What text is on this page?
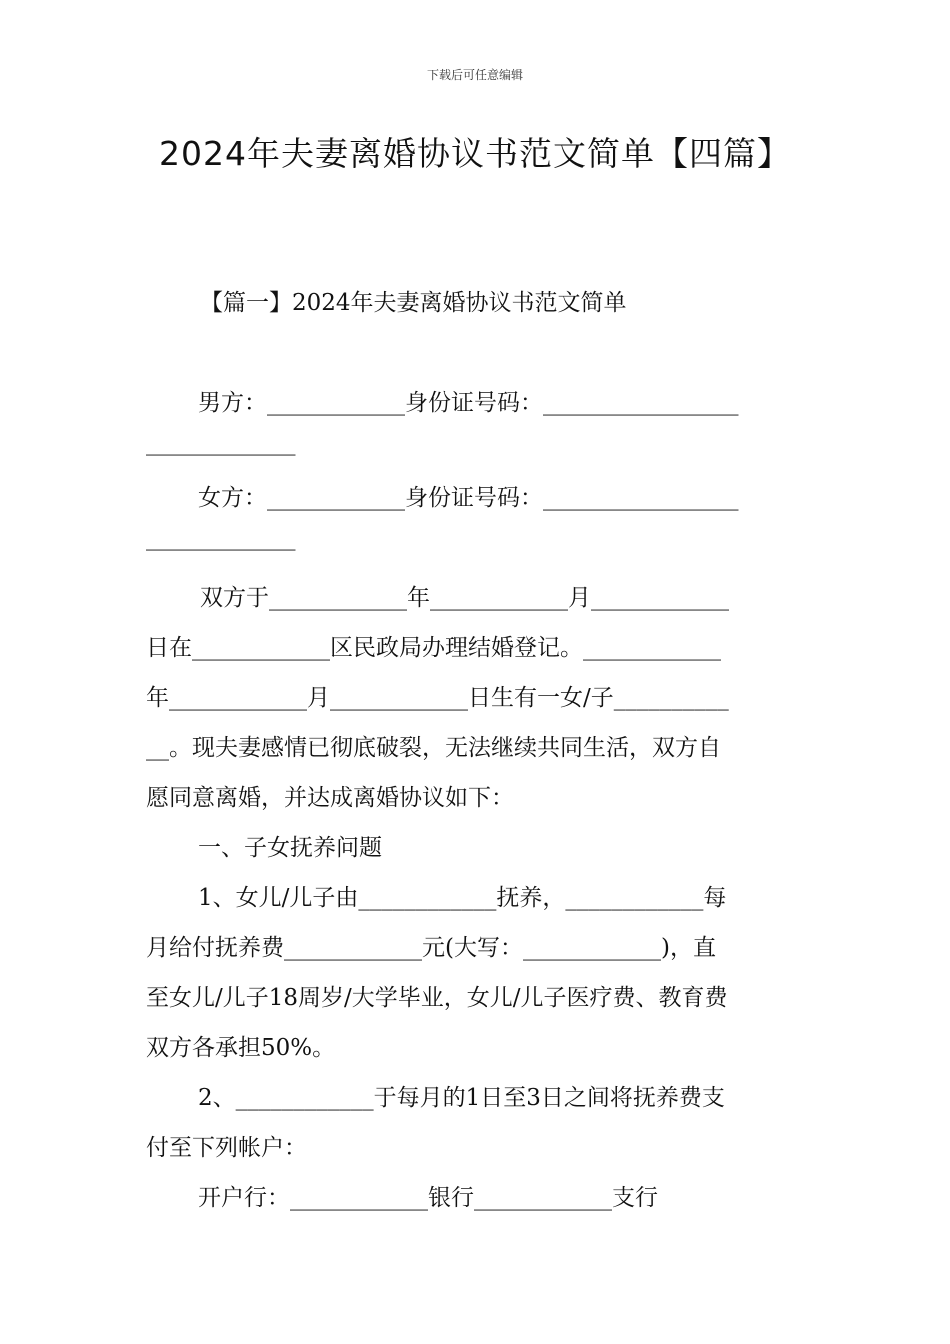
下载后可任意编辑
2024年夫妻离婚协议书范文简单【四篇】
【篇一】2024年夫妻离婚协议书范文简单
男方：____________身份证号码：_________________
_____________
女方：____________身份证号码：_________________
_____________
双方于____________年____________月____________
日在____________区民政局办理结婚登记。____________
年____________月____________日生有一女/子__________
__。现夫妻感情已彻底破裂，无法继续共同生活，双方自
愿同意离婚，并达成离婚协议如下：
一、子女抚养问题
1、女儿/儿子由____________抚养，____________每
月给付抚养费____________元(大写：____________)，直
至女儿/儿子18周岁/大学毕业，女儿/儿子医疗费、教育费
双方各承担50%。
2、____________于每月的1日至3日之间将抚养费支
付至下列帐户：
开户行：____________银行____________支行
